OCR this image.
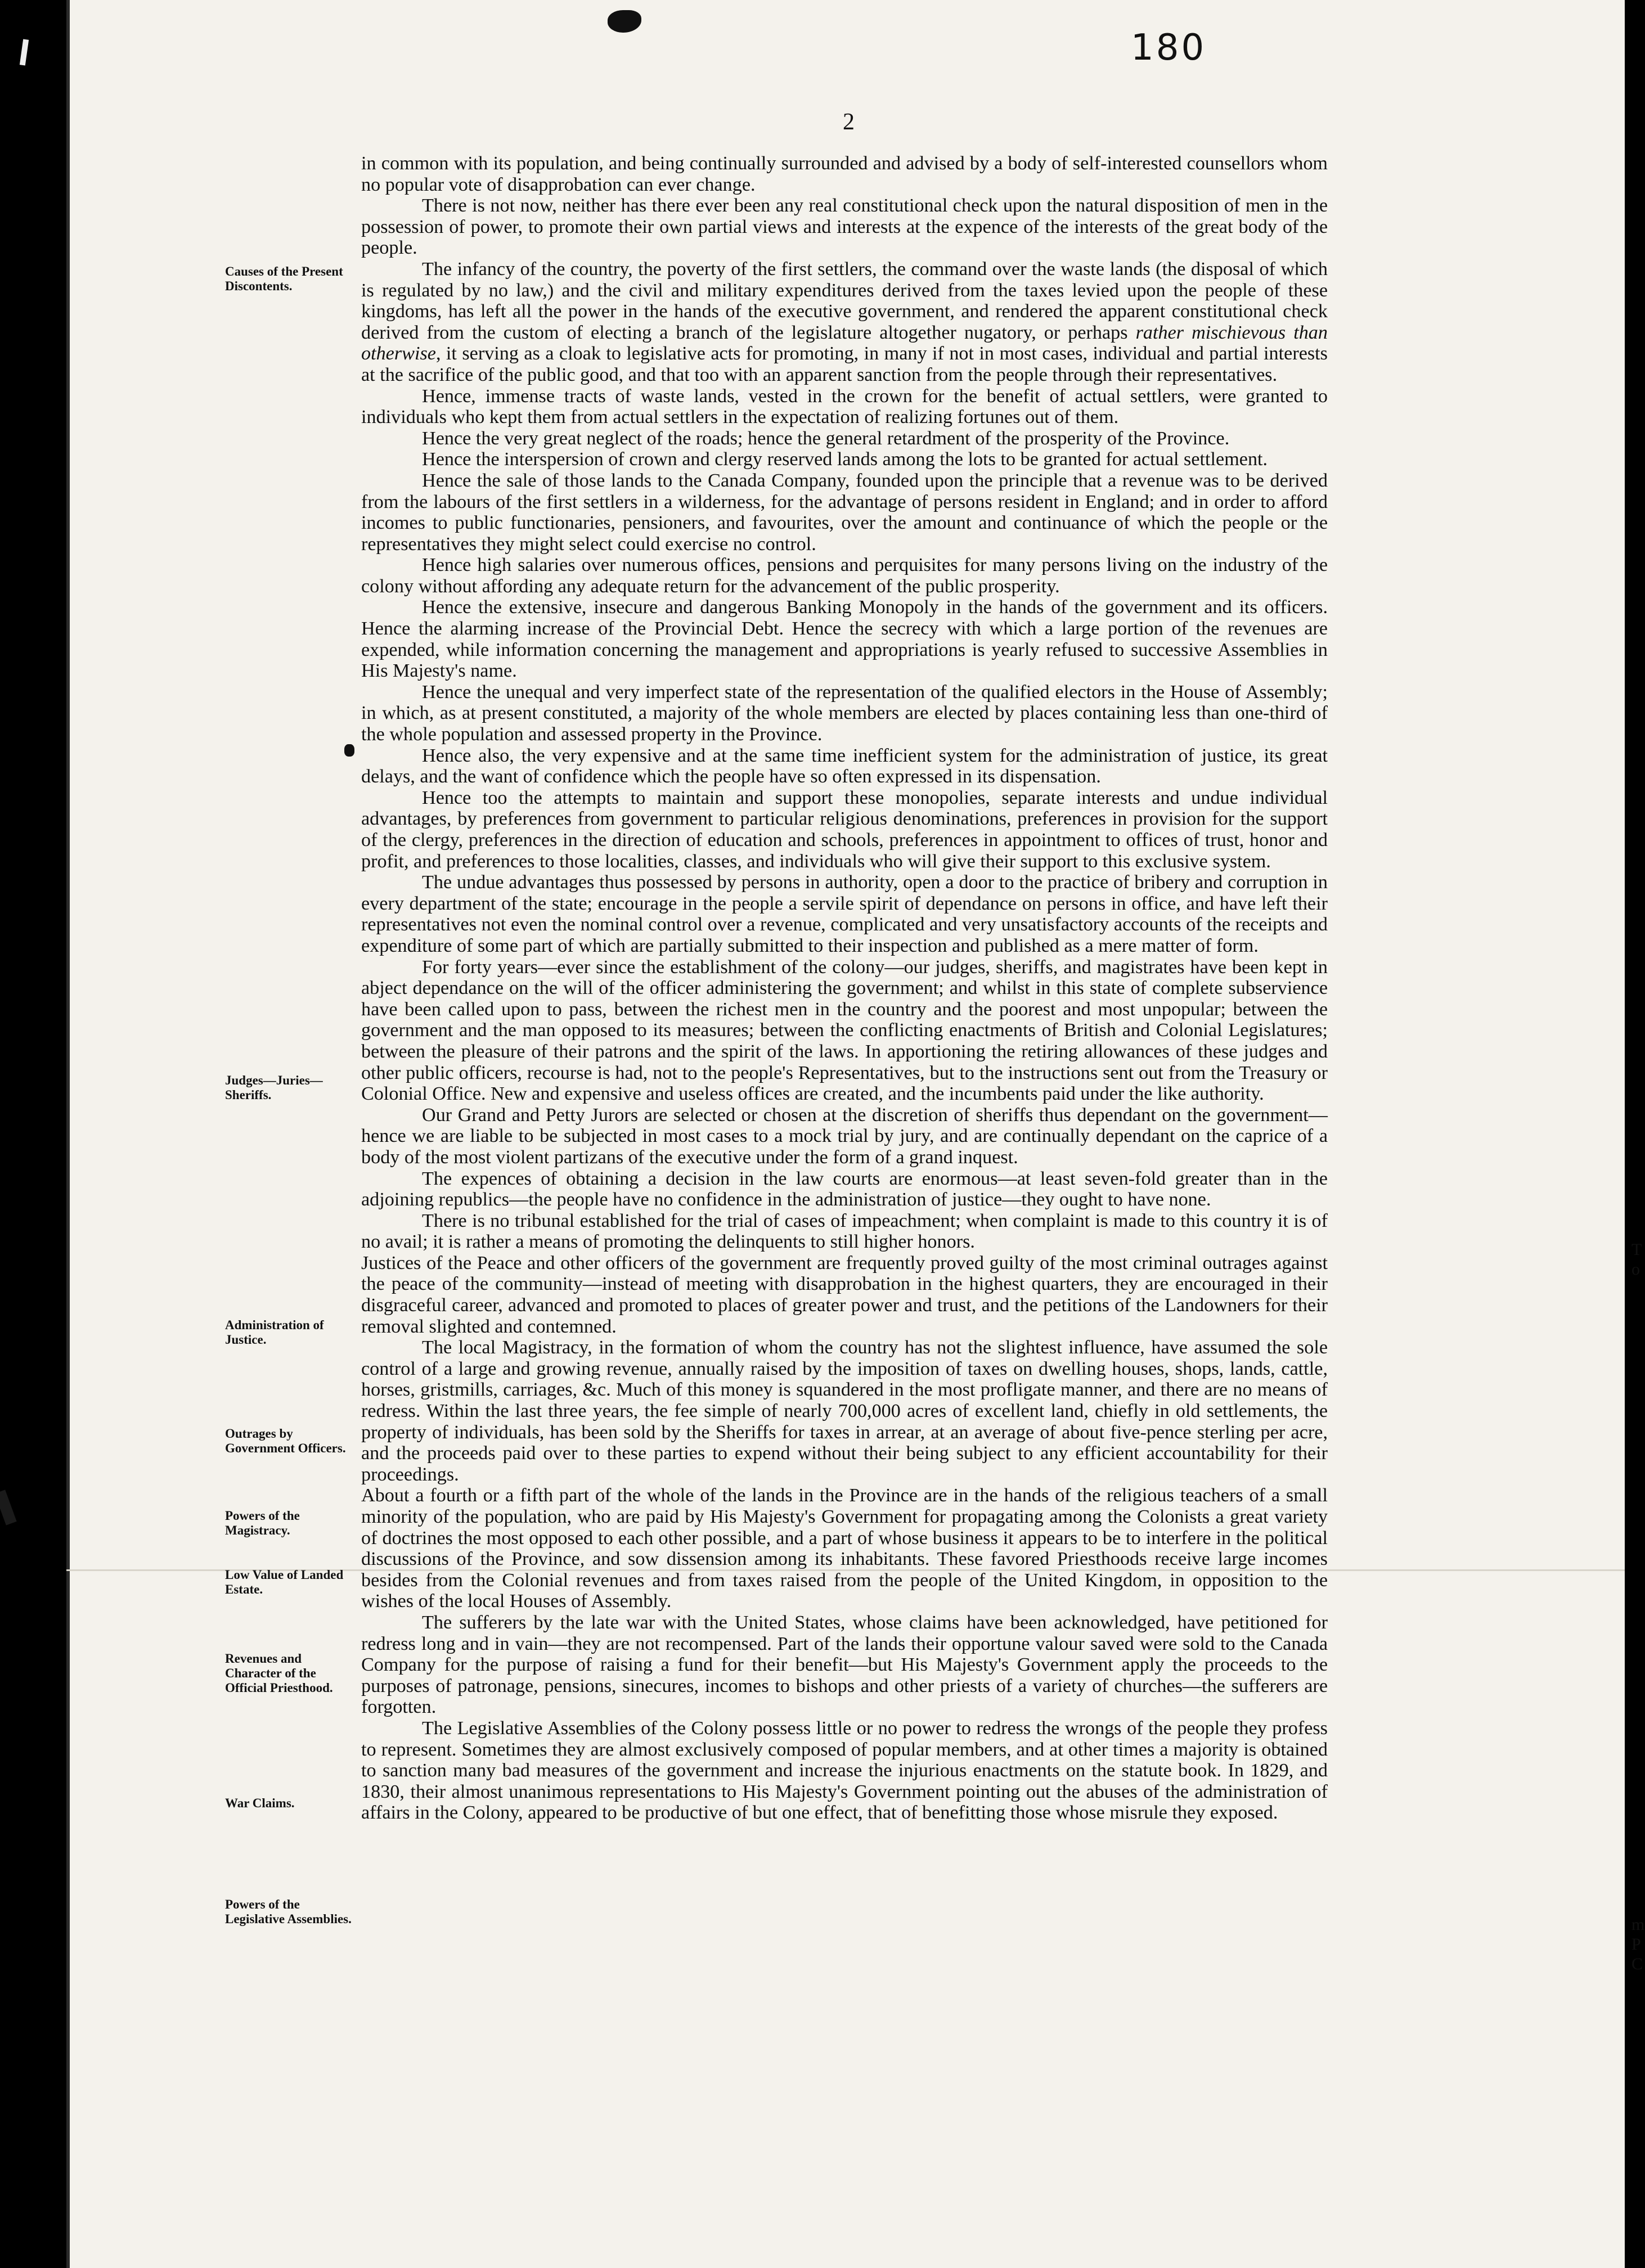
180
2
Causes of the Present Discontents.
Judges—Juries—Sheriffs.
Administration of Justice.
Outrages by Government Officers.
Powers of the Magistracy.
Low Value of Landed Estate.
Revenues and Character of the Official Priesthood.
War Claims.
Powers of the Legislative Assemblies.

in common with its population, and being continually surrounded and advised by a body of self-interested counsellors whom no popular vote of disapprobation can ever change.

There is not now, neither has there ever been any real constitutional check upon the natural disposition of men in the possession of power, to promote their own partial views and interests at the expence of the interests of the great body of the people.

The infancy of the country, the poverty of the first settlers, the command over the waste lands (the disposal of which is regulated by no law,) and the civil and military expenditures derived from the taxes levied upon the people of these kingdoms, has left all the power in the hands of the executive government, and rendered the apparent constitutional check derived from the custom of electing a branch of the legislature altogether nugatory, or perhaps rather mischievous than otherwise, it serving as a cloak to legislative acts for promoting, in many if not in most cases, individual and partial interests at the sacrifice of the public good, and that too with an apparent sanction from the people through their representatives.

Hence, immense tracts of waste lands, vested in the crown for the benefit of actual settlers, were granted to individuals who kept them from actual settlers in the expectation of realizing fortunes out of them.

Hence the very great neglect of the roads; hence the general retardment of the prosperity of the Province.

Hence the interspersion of crown and clergy reserved lands among the lots to be granted for actual settlement.

Hence the sale of those lands to the Canada Company, founded upon the principle that a revenue was to be derived from the labours of the first settlers in a wilderness, for the advantage of persons resident in England; and in order to afford incomes to public functionaries, pensioners, and favourites, over the amount and continuance of which the people or the representatives they might select could exercise no control.

Hence high salaries over numerous offices, pensions and perquisites for many persons living on the industry of the colony without affording any adequate return for the advancement of the public prosperity.

Hence the extensive, insecure and dangerous Banking Monopoly in the hands of the government and its officers. Hence the alarming increase of the Provincial Debt. Hence the secrecy with which a large portion of the revenues are expended, while information concerning the management and appropriations is yearly refused to successive Assemblies in His Majesty's name.

Hence the unequal and very imperfect state of the representation of the qualified electors in the House of Assembly; in which, as at present constituted, a majority of the whole members are elected by places containing less than one-third of the whole population and assessed property in the Province.

Hence also, the very expensive and at the same time inefficient system for the administration of justice, its great delays, and the want of confidence which the people have so often expressed in its dispensation.

Hence too the attempts to maintain and support these monopolies, separate interests and undue individual advantages, by preferences from government to particular religious denominations, preferences in provision for the support of the clergy, preferences in the direction of education and schools, preferences in appointment to offices of trust, honor and profit, and preferences to those localities, classes, and individuals who will give their support to this exclusive system.

The undue advantages thus possessed by persons in authority, open a door to the practice of bribery and corruption in every department of the state; encourage in the people a servile spirit of dependance on persons in office, and have left their representatives not even the nominal control over a revenue, complicated and very unsatisfactory accounts of the receipts and expenditure of some part of which are partially submitted to their inspection and published as a mere matter of form.

For forty years—ever since the establishment of the colony—our judges, sheriffs, and magistrates have been kept in abject dependance on the will of the officer administering the government; and whilst in this state of complete subservience have been called upon to pass, between the richest men in the country and the poorest and most unpopular; between the government and the man opposed to its measures; between the conflicting enactments of British and Colonial Legislatures; between the pleasure of their patrons and the spirit of the laws. In apportioning the retiring allowances of these judges and other public officers, recourse is had, not to the people's Representatives, but to the instructions sent out from the Treasury or Colonial Office. New and expensive and useless offices are created, and the incumbents paid under the like authority.

Our Grand and Petty Jurors are selected or chosen at the discretion of sheriffs thus dependant on the government—hence we are liable to be subjected in most cases to a mock trial by jury, and are continually dependant on the caprice of a body of the most violent partizans of the executive under the form of a grand inquest.

The expences of obtaining a decision in the law courts are enormous—at least seven-fold greater than in the adjoining republics—the people have no confidence in the administration of justice—they ought to have none.

There is no tribunal established for the trial of cases of impeachment; when complaint is made to this country it is of no avail; it is rather a means of promoting the delinquents to still higher honors.

Justices of the Peace and other officers of the government are frequently proved guilty of the most criminal outrages against the peace of the community—instead of meeting with disapprobation in the highest quarters, they are encouraged in their disgraceful career, advanced and promoted to places of greater power and trust, and the petitions of the Landowners for their removal slighted and contemned.

The local Magistracy, in the formation of whom the country has not the slightest influence, have assumed the sole control of a large and growing revenue, annually raised by the imposition of taxes on dwelling houses, shops, lands, cattle, horses, gristmills, carriages, &c. Much of this money is squandered in the most profligate manner, and there are no means of redress. Within the last three years, the fee simple of nearly 700,000 acres of excellent land, chiefly in old settlements, the property of individuals, has been sold by the Sheriffs for taxes in arrear, at an average of about five-pence sterling per acre, and the proceeds paid over to these parties to expend without their being subject to any efficient accountability for their proceedings.

About a fourth or a fifth part of the whole of the lands in the Province are in the hands of the religious teachers of a small minority of the population, who are paid by His Majesty's Government for propagating among the Colonists a great variety of doctrines the most opposed to each other possible, and a part of whose business it appears to be to interfere in the political discussions of the Province, and sow dissension among its inhabitants. These favored Priesthoods receive large incomes besides from the Colonial revenues and from taxes raised from the people of the United Kingdom, in opposition to the wishes of the local Houses of Assembly.

The sufferers by the late war with the United States, whose claims have been acknowledged, have petitioned for redress long and in vain—they are not recompensed. Part of the lands their opportune valour saved were sold to the Canada Company for the purpose of raising a fund for their benefit—but His Majesty's Government apply the proceeds to the purposes of patronage, pensions, sinecures, incomes to bishops and other priests of a variety of churches—the sufferers are forgotten.

The Legislative Assemblies of the Colony possess little or no power to redress the wrongs of the people they profess to represent. Sometimes they are almost exclusively composed of popular members, and at other times a majority is obtained to sanction many bad measures of the government and increase the injurious enactments on the statute book. In 1829, and 1830, their almost unanimous representations to His Majesty's Government pointing out the abuses of the administration of affairs in the Colony, appeared to be productive of but one effect, that of benefitting those whose misrule they exposed.

T
o
m
P
C
